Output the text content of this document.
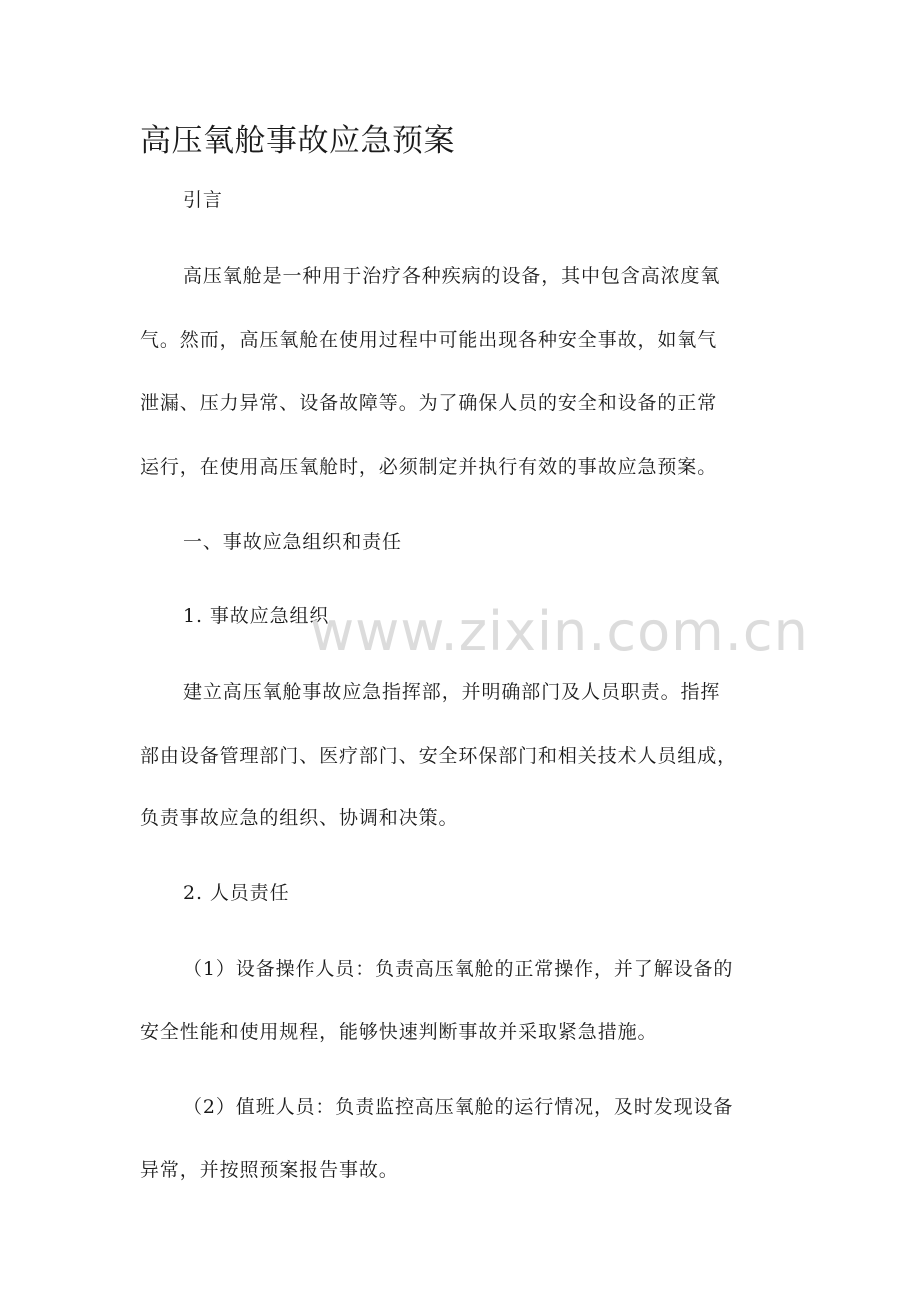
高压氧舱事故应急预案

引言

高压氧舱是一种用于治疗各种疾病的设备，其中包含高浓度氧

气。然而，高压氧舱在使用过程中可能出现各种安全事故，如氧气

泄漏、压力异常、设备故障等。为了确保人员的安全和设备的正常

运行，在使用高压氧舱时，必须制定并执行有效的事故应急预案。

一、事故应急组织和责任

1. 事故应急组织

建立高压氧舱事故应急指挥部，并明确部门及人员职责。指挥

部由设备管理部门、医疗部门、安全环保部门和相关技术人员组成，

负责事故应急的组织、协调和决策。

2. 人员责任

（1）设备操作人员：负责高压氧舱的正常操作，并了解设备的

安全性能和使用规程，能够快速判断事故并采取紧急措施。

（2）值班人员：负责监控高压氧舱的运行情况，及时发现设备

异常，并按照预案报告事故。

www.zixin.com.cn
